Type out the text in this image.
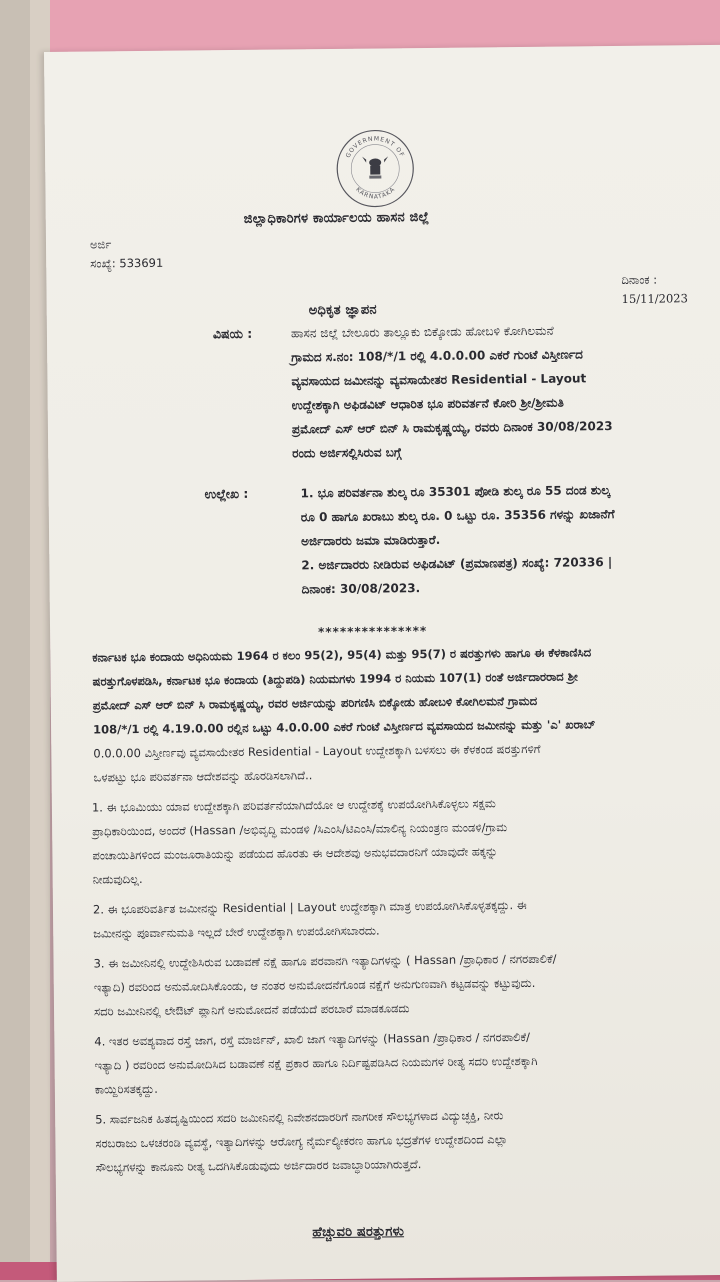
GOVERNMENT OF
KARNATAKA
ಜಿಲ್ಲಾಧಿಕಾರಿಗಳ ಕಾರ್ಯಾಲಯ ಹಾಸನ ಜಿಲ್ಲೆ
ಅರ್ಜಿ
ಸಂಖ್ಯೆ: 533691
ದಿನಾಂಕ :
15/11/2023
ಅಧಿಕೃತ ಜ್ಞಾಪನ
ವಿಷಯ :	ಹಾಸನ ಜಿಲ್ಲೆ ಬೇಲೂರು ತಾಲ್ಲೂಕು ಬಿಕ್ಕೋಡು ಹೋಬಳಿ ಕೋಗಿಲಮನೆ
ಗ್ರಾಮದ ಸ.ನಂ: 108/*/1 ರಲ್ಲಿ 4.0.0.00 ಎಕರೆ ಗುಂಟೆ ವಿಸ್ತೀರ್ಣದ
ವ್ಯವಸಾಯದ ಜಮೀನನ್ನು ವ್ಯವಸಾಯೇತರ Residential - Layout
ಉದ್ದೇಶಕ್ಕಾಗಿ ಅಫಿಡವಿಟ್ ಆಧಾರಿತ ಭೂ ಪರಿವರ್ತನೆ ಕೋರಿ ಶ್ರೀ/ಶ್ರೀಮತಿ
ಪ್ರಮೋದ್ ಎಸ್ ಆರ್ ಬಿನ್ ಸಿ ರಾಮಕೃಷ್ಣಯ್ಯ, ರವರು ದಿನಾಂಕ 30/08/2023
ರಂದು ಅರ್ಜಿಸಲ್ಲಿಸಿರುವ ಬಗ್ಗೆ
ಉಲ್ಲೇಖ :	1. ಭೂ ಪರಿವರ್ತನಾ ಶುಲ್ಕ ರೂ 35301 ಪೋಡಿ ಶುಲ್ಕ ರೂ 55 ದಂಡ ಶುಲ್ಕ
ರೂ 0 ಹಾಗೂ ಖರಾಬು ಶುಲ್ಕ ರೂ. 0 ಒಟ್ಟು ರೂ. 35356 ಗಳನ್ನು ಖಜಾನೆಗೆ
ಅರ್ಜಿದಾರರು ಜಮಾ ಮಾಡಿರುತ್ತಾರೆ.
2. ಅರ್ಜಿದಾರರು ನೀಡಿರುವ ಅಫಿಡವಿಟ್ (ಪ್ರಮಾಣಪತ್ರ) ಸಂಖ್ಯೆ: 720336 |
ದಿನಾಂಕ: 30/08/2023.
***************
ಕರ್ನಾಟಕ ಭೂ ಕಂದಾಯ ಅಧಿನಿಯಮ 1964 ರ ಕಲಂ 95(2), 95(4) ಮತ್ತು 95(7) ರ ಷರತ್ತುಗಳು ಹಾಗೂ ಈ ಕೆಳಕಾಣಿಸಿದ
ಷರತ್ತುಗೊಳಪಡಿಸಿ, ಕರ್ನಾಟಕ ಭೂ ಕಂದಾಯ (ತಿದ್ದುಪಡಿ) ನಿಯಮಗಳು 1994 ರ ನಿಯಮ 107(1) ರಂತೆ ಅರ್ಜಿದಾರರಾದ ಶ್ರೀ
ಪ್ರಮೋದ್ ಎಸ್ ಆರ್ ಬಿನ್ ಸಿ ರಾಮಕೃಷ್ಣಯ್ಯ, ರವರ ಅರ್ಜಿಯನ್ನು ಪರಿಗಣಿಸಿ ಬಿಕ್ಕೋಡು ಹೋಬಳಿ ಕೋಗಿಲಮನೆ ಗ್ರಾಮದ
108/*/1 ರಲ್ಲಿ 4.19.0.00 ರಲ್ಲಿನ ಒಟ್ಟು 4.0.0.00 ಎಕರೆ ಗುಂಟೆ ವಿಸ್ತೀರ್ಣದ ವ್ಯವಸಾಯದ ಜಮೀನನ್ನು ಮತ್ತು 'ಎ' ಖರಾಬ್
0.0.0.00 ವಿಸ್ತೀರ್ಣವು ವ್ಯವಸಾಯೇತರ Residential - Layout ಉದ್ದೇಶಕ್ಕಾಗಿ ಬಳಸಲು ಈ ಕೆಳಕಂಡ ಷರತ್ತುಗಳಿಗೆ
ಒಳಪಟ್ಟು ಭೂ ಪರಿವರ್ತನಾ ಆದೇಶವನ್ನು ಹೊರಡಿಸಲಾಗಿದೆ..
1. ಈ ಭೂಮಿಯು ಯಾವ ಉದ್ದೇಶಕ್ಕಾಗಿ ಪರಿವರ್ತನೆಯಾಗಿದೆಯೋ ಆ ಉದ್ದೇಶಕ್ಕೆ ಉಪಯೋಗಿಸಿಕೊಳ್ಳಲು ಸಕ್ಷಮ
ಪ್ರಾಧಿಕಾರಿಯಿಂದ, ಅಂದರೆ (Hassan /ಅಭಿವೃದ್ಧಿ ಮಂಡಳಿ /ಸಿಎಂಸಿ/ಟಿಎಂಸಿ/ಮಾಲಿನ್ಯ ನಿಯಂತ್ರಣ ಮಂಡಳಿ/ಗ್ರಾಮ
ಪಂಚಾಯಿತಿಗಳಿಂದ ಮಂಜೂರಾತಿಯನ್ನು ಪಡೆಯದ ಹೊರತು ಈ ಆದೇಶವು ಅನುಭವದಾರನಿಗೆ ಯಾವುದೇ ಹಕ್ಕನ್ನು
ನೀಡುವುದಿಲ್ಲ.
2. ಈ ಭೂಪರಿವರ್ತಿತ ಜಮೀನನ್ನು Residential | Layout ಉದ್ದೇಶಕ್ಕಾಗಿ ಮಾತ್ರ ಉಪಯೋಗಿಸಿಕೊಳ್ಳತಕ್ಕದ್ದು. ಈ
ಜಮೀನನ್ನು ಪೂರ್ವಾನುಮತಿ ಇಲ್ಲದೆ ಬೇರೆ ಉದ್ದೇಶಕ್ಕಾಗಿ ಉಪಯೋಗಿಸಬಾರದು.
3. ಈ ಜಮೀನಿನಲ್ಲಿ ಉದ್ದೇಶಿಸಿರುವ ಬಡಾವಣೆ ನಕ್ಷೆ ಹಾಗೂ ಪರವಾನಗಿ ಇತ್ಯಾದಿಗಳನ್ನು ( Hassan /ಪ್ರಾಧಿಕಾರ / ನಗರಪಾಲಿಕೆ/
ಇತ್ಯಾದಿ) ರವರಿಂದ ಅನುಮೋದಿಸಿಕೊಂಡು, ಆ ನಂತರ ಅನುಮೋದನೆಗೊಂಡ ನಕ್ಷೆಗೆ ಅನುಗುಣವಾಗಿ ಕಟ್ಟಡವನ್ನು ಕಟ್ಟುವುದು.
ಸದರಿ ಜಮೀನಿನಲ್ಲಿ ಲೇಔಟ್ ಪ್ಲಾನಿಗೆ ಅನುಮೋದನೆ ಪಡೆಯದೆ ಪರಬಾರೆ ಮಾಡಕೂಡದು
4. ಇತರ ಅವಶ್ಯವಾದ ರಸ್ತೆ ಜಾಗ, ರಸ್ತೆ ಮಾರ್ಜಿನ್, ಖಾಲಿ ಜಾಗ ಇತ್ಯಾದಿಗಳನ್ನು (Hassan /ಪ್ರಾಧಿಕಾರ / ನಗರಪಾಲಿಕೆ/
ಇತ್ಯಾದಿ ) ರವರಿಂದ ಅನುಮೋದಿಸಿದ ಬಡಾವಣೆ ನಕ್ಷೆ ಪ್ರಕಾರ ಹಾಗೂ ನಿರ್ದಿಷ್ಟಪಡಿಸಿದ ನಿಯಮಗಳ ರೀತ್ಯ ಸದರಿ ಉದ್ದೇಶಕ್ಕಾಗಿ
ಕಾಯ್ದಿರಿಸತಕ್ಕದ್ದು.
5. ಸಾರ್ವಜನಿಕ ಹಿತದೃಷ್ಟಿಯಿಂದ ಸದರಿ ಜಮೀನಿನಲ್ಲಿ ನಿವೇಶನದಾರರಿಗೆ ನಾಗರೀಕ ಸೌಲಭ್ಯಗಳಾದ ವಿದ್ಯುಚ್ಛಕ್ತಿ, ನೀರು
ಸರಬರಾಜು ಒಳಚರಂಡಿ ವ್ಯವಸ್ಥೆ, ಇತ್ಯಾದಿಗಳನ್ನು ಆರೋಗ್ಯ ನೈರ್ಮಲ್ಯೀಕರಣ ಹಾಗೂ ಭದ್ರತೆಗಳ ಉದ್ದೇಶದಿಂದ ಎಲ್ಲಾ
ಸೌಲಭ್ಯಗಳನ್ನು ಕಾನೂನು ರೀತ್ಯ ಒದಗಿಸಿಕೊಡುವುದು ಅರ್ಜಿದಾರರ ಜವಾಬ್ಧಾರಿಯಾಗಿರುತ್ತದೆ.
ಹೆಚ್ಚುವರಿ ಷರತ್ತುಗಳು
